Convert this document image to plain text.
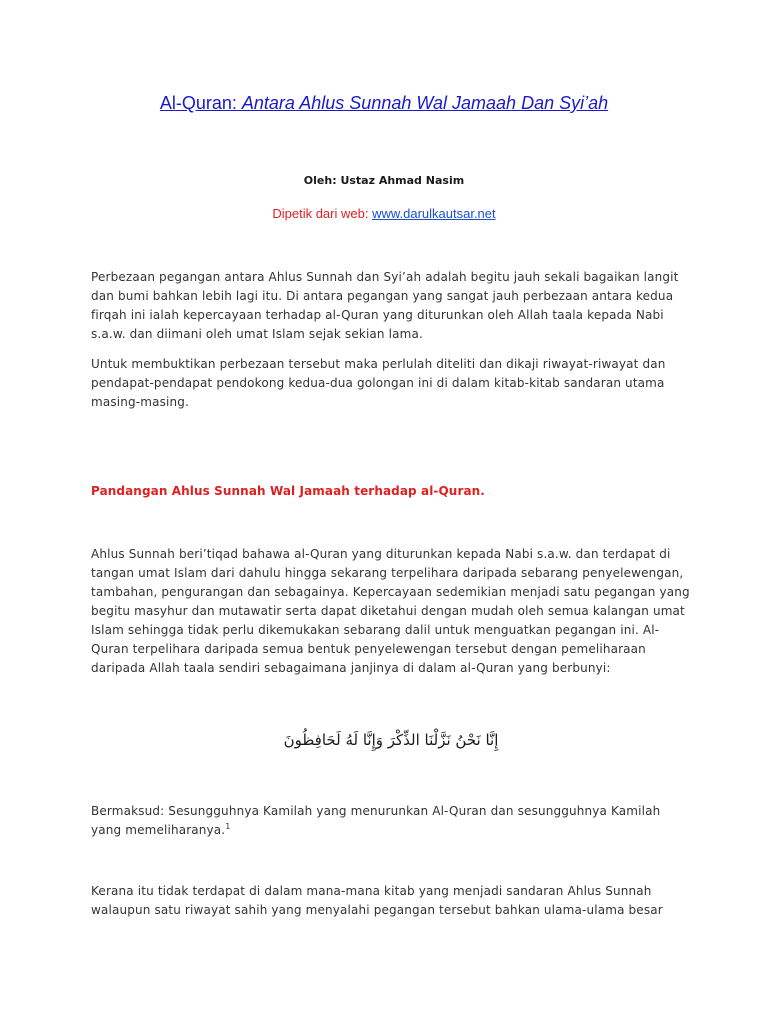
Al-Quran: Antara Ahlus Sunnah Wal Jamaah Dan Syi’ah
Oleh: Ustaz Ahmad Nasim
Dipetik dari web: www.darulkautsar.net
Perbezaan pegangan antara Ahlus Sunnah dan Syi’ah adalah begitu jauh sekali bagaikan langit dan bumi bahkan lebih lagi itu. Di antara pegangan yang sangat jauh perbezaan antara kedua firqah ini ialah kepercayaan terhadap al-Quran yang diturunkan oleh Allah taala kepada Nabi s.a.w. dan diimani oleh umat Islam sejak sekian lama.
Untuk membuktikan perbezaan tersebut maka perlulah diteliti dan dikaji riwayat-riwayat dan pendapat-pendapat pendokong kedua-dua golongan ini di dalam kitab-kitab sandaran utama masing-masing.
Pandangan Ahlus Sunnah Wal Jamaah terhadap al-Quran.
Ahlus Sunnah beri’tiqad bahawa al-Quran yang diturunkan kepada Nabi s.a.w. dan terdapat di tangan umat Islam dari dahulu hingga sekarang terpelihara daripada sebarang penyelewengan, tambahan, pengurangan dan sebagainya. Kepercayaan sedemikian menjadi satu pegangan yang begitu masyhur dan mutawatir serta dapat diketahui dengan mudah oleh semua kalangan umat Islam sehingga tidak perlu dikemukakan sebarang dalil untuk menguatkan pegangan ini. Al-Quran terpelihara daripada semua bentuk penyelewengan tersebut dengan pemeliharaan daripada Allah taala sendiri sebagaimana janjinya di dalam al-Quran yang berbunyi:
إِنَّا نَحْنُ نَزَّلْنَا الذِّكْرَ وَإِنَّا لَهُ لَحَافِظُونَ
Bermaksud: Sesungguhnya Kamilah yang menurunkan Al-Quran dan sesungguhnya Kamilah yang memeliharanya.$^1$
Kerana itu tidak terdapat di dalam mana-mana kitab yang menjadi sandaran Ahlus Sunnah walaupun satu riwayat sahih yang menyalahi pegangan tersebut bahkan ulama-ulama besar
